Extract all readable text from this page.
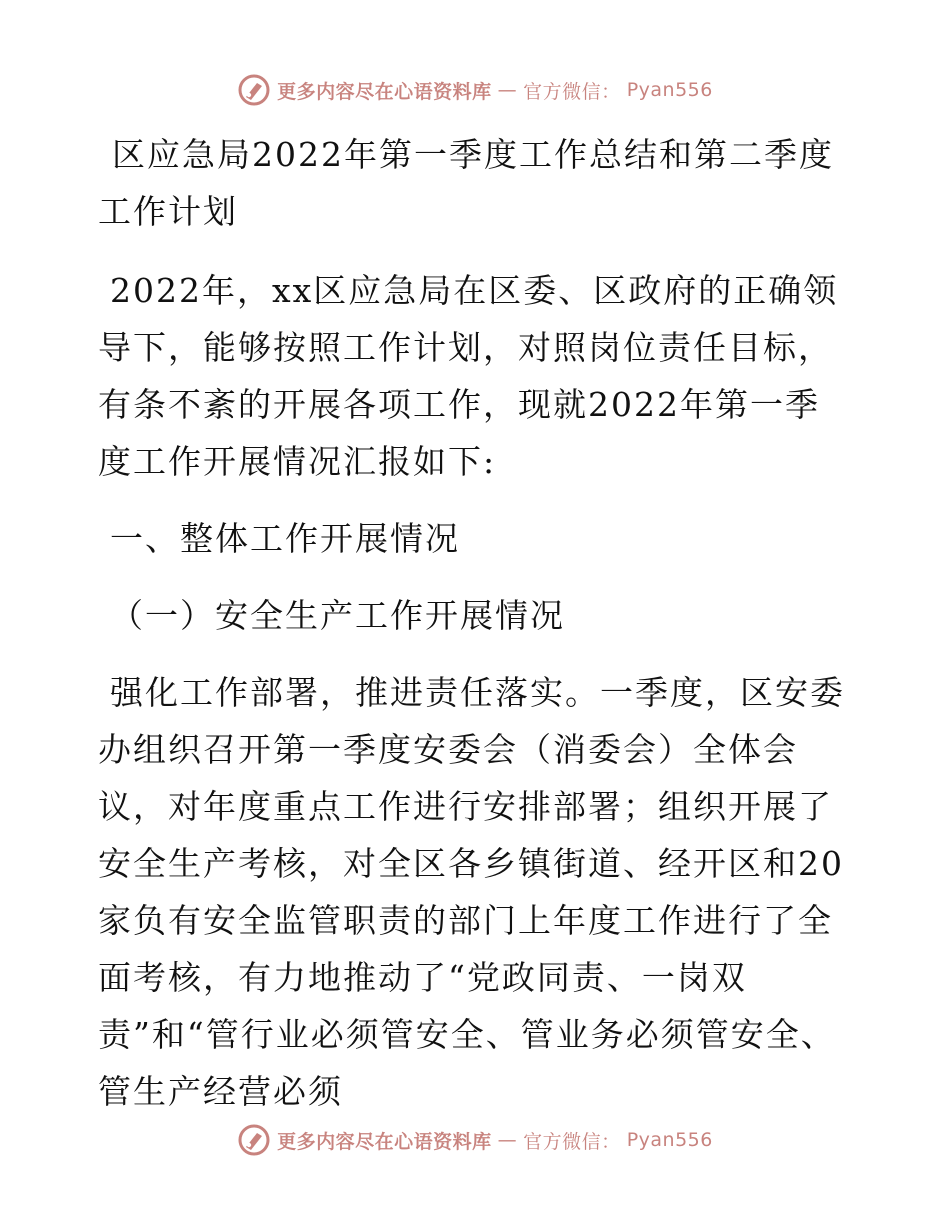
更多内容尽在心语资料库 — 官方微信： Pyan556

区应急局2022年第一季度工作总结和第二季度工作计划

2022年，xx区应急局在区委、区政府的正确领导下，能够按照工作计划，对照岗位责任目标，有条不紊的开展各项工作，现就2022年第一季度工作开展情况汇报如下:

一、整体工作开展情况

（一）安全生产工作开展情况

强化工作部署，推进责任落实。一季度，区安委办组织召开第一季度安委会（消委会）全体会议，对年度重点工作进行安排部署；组织开展了安全生产考核，对全区各乡镇街道、经开区和20家负有安全监管职责的部门上年度工作进行了全面考核，有力地推动了“党政同责、一岗双责”和“管行业必须管安全、管业务必须管安全、管生产经营必须

更多内容尽在心语资料库 — 官方微信： Pyan556
